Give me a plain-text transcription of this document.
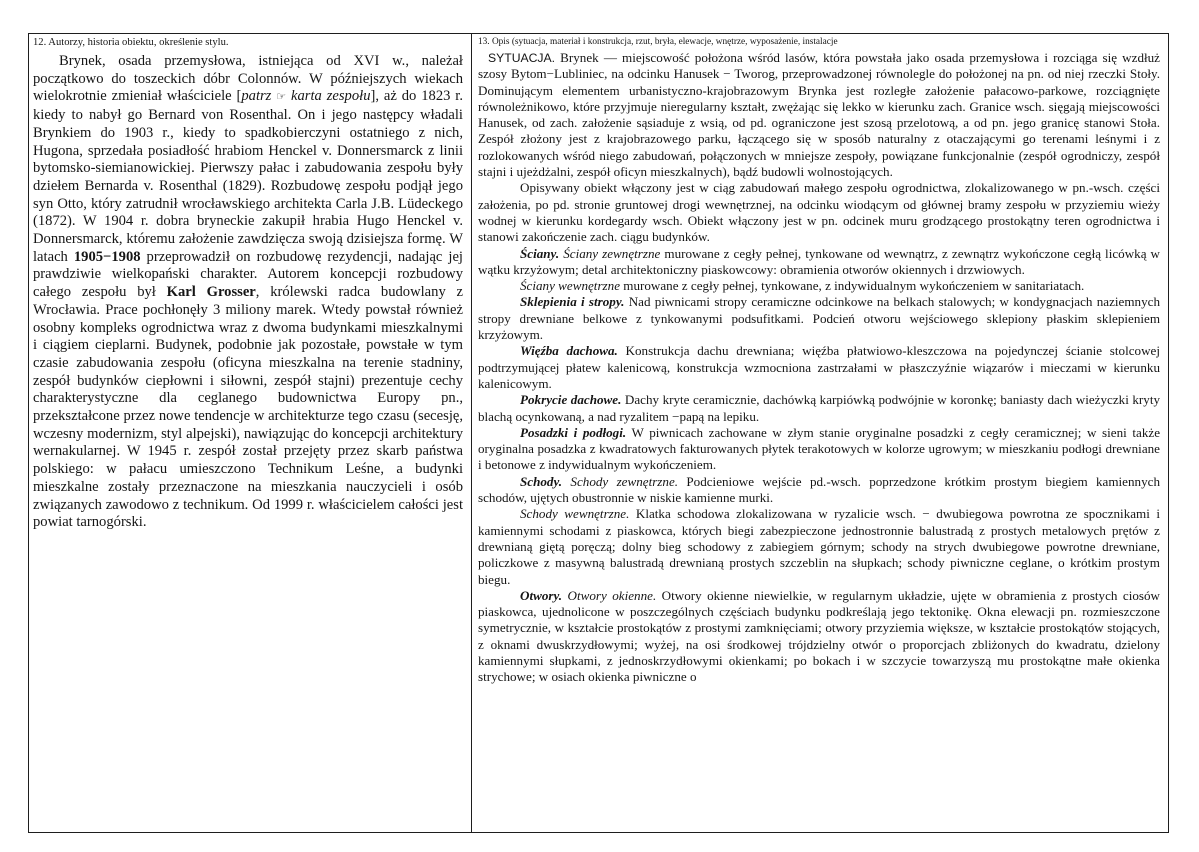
12. Autorzy, historia obiektu, określenie stylu.

Brynek, osada przemysłowa, istniejąca od XVI w., należał początkowo do toszeckich dóbr Colonnów. W późniejszych wiekach wielokrotnie zmieniał właściciele [patrz ☞ karta zespołu], aż do 1823 r. kiedy to nabył go Bernard von Rosenthal. On i jego następcy władali Brynkiem do 1903 r., kiedy to spadkobierczyni ostatniego z nich, Hugona, sprzedała posiadłość hrabiom Henckel v. Donnersmarck z linii bytomsko-siemianowickiej. Pierwszy pałac i zabudowania zespołu były dziełem Bernarda v. Rosenthal (1829). Rozbudowę zespołu podjął jego syn Otto, który zatrudnił wrocławskiego architekta Carla J.B. Lüdeckego (1872). W 1904 r. dobra bryneckie zakupił hrabia Hugo Henckel v. Donnersmarck, któremu założenie zawdzięcza swoją dzisiejsza formę. W latach 1905−1908 przeprowadził on rozbudowę rezydencji, nadając jej prawdziwie wielkopański charakter. Autorem koncepcji rozbudowy całego zespołu był Karl Grosser, królewski radca budowlany z Wrocławia. Prace pochłonęły 3 miliony marek. Wtedy powstał również osobny kompleks ogrodnictwa wraz z dwoma budynkami mieszkalnymi i ciągiem cieplarni. Budynek, podobnie jak pozostałe, powstałe w tym czasie zabudowania zespołu (oficyna mieszkalna na terenie stadniny, zespół budynków ciepłowni i siłowni, zespół stajni) prezentuje cechy charakterystyczne dla ceglanego budownictwa Europy pn., przekształcone przez nowe tendencje w architekturze tego czasu (secesję, wczesny modernizm, styl alpejski), nawiązując do koncepcji architektury wernakularnej. W 1945 r. zespół został przejęty przez skarb państwa polskiego: w pałacu umieszczono Technikum Leśne, a budynki mieszkalne zostały przeznaczone na mieszkania nauczycieli i osób związanych zawodowo z technikum. Od 1999 r. właścicielem całości jest powiat tarnogórski.

13. Opis (sytuacja, materiał i konstrukcja, rzut, bryła, elewacje, wnętrze, wyposażenie, instalacje

SYTUACJA. Brynek — miejscowość położona wśród lasów, która powstała jako osada przemysłowa i rozciąga się wzdłuż szosy Bytom−Lubliniec, na odcinku Hanusek − Tworog, przeprowadzonej równolegle do położonej na pn. od niej rzeczki Stoły. Dominującym elementem urbanistyczno-krajobrazowym Brynka jest rozległe założenie pałacowo-parkowe, rozciągnięte równoleżnikowo, które przyjmuje nieregularny kształt, zwężając się lekko w kierunku zach. Granice wsch. sięgają miejscowości Hanusek, od zach. założenie sąsiaduje z wsią, od pd. ograniczone jest szosą przelotową, a od pn. jego granicę stanowi Stoła. Zespół złożony jest z krajobrazowego parku, łączącego się w sposób naturalny z otaczającymi go terenami leśnymi i z rozlokowanych wśród niego zabudowań, połączonych w mniejsze zespoły, powiązane funkcjonalnie (zespół ogrodniczy, zespół stajni i ujeżdżalni, zespół oficyn mieszkalnych), bądź budowli wolnostojących.

Opisywany obiekt włączony jest w ciąg zabudowań małego zespołu ogrodnictwa, zlokalizowanego w pn.-wsch. części założenia, po pd. stronie gruntowej drogi wewnętrznej, na odcinku wiodącym od głównej bramy zespołu w przyziemiu wieży wodnej w kierunku kordegardy wsch. Obiekt włączony jest w pn. odcinek muru grodzącego prostokątny teren ogrodnictwa i stanowi zakończenie zach. ciągu budynków.

Ściany. Ściany zewnętrzne murowane z cegły pełnej, tynkowane od wewnątrz, z zewnątrz wykończone cegłą licówką w wątku krzyżowym; detal architektoniczny piaskowcowy: obramienia otworów okiennych i drzwiowych.

Ściany wewnętrzne murowane z cegły pełnej, tynkowane, z indywidualnym wykończeniem w sanitariatach.

Sklepienia i stropy. Nad piwnicami stropy ceramiczne odcinkowe na belkach stalowych; w kondygnacjach naziemnych stropy drewniane belkowe z tynkowanymi podsufitkami. Podcień otworu wejściowego sklepiony płaskim sklepieniem krzyżowym.

Więźba dachowa. Konstrukcja dachu drewniana; więźba płatwiowo-kleszczowa na pojedynczej ścianie stolcowej podtrzymującej płatew kalenicową, konstrukcja wzmocniona zastrzałami w płaszczyźnie wiązarów i mieczami w kierunku kalenicowym.

Pokrycie dachowe. Dachy kryte ceramicznie, dachówką karpiówką podwójnie w koronkę; baniasty dach wieżyczki kryty blachą ocynkowaną, a nad ryzalitem −papą na lepiku.

Posadzki i podłogi. W piwnicach zachowane w złym stanie oryginalne posadzki z cegły ceramicznej; w sieni także oryginalna posadzka z kwadratowych fakturowanych płytek terakotowych w kolorze ugrowym; w mieszkaniu podłogi drewniane i betonowe z indywidualnym wykończeniem.

Schody. Schody zewnętrzne. Podcieniowe wejście pd.-wsch. poprzedzone krótkim prostym biegiem kamiennych schodów, ujętych obustronnie w niskie kamienne murki.

Schody wewnętrzne. Klatka schodowa zlokalizowana w ryzalicie wsch. − dwubiegowa powrotna ze spocznikami i kamiennymi schodami z piaskowca, których biegi zabezpieczone jednostronnie balustradą z prostych metalowych prętów z drewnianą giętą poręczą; dolny bieg schodowy z zabiegiem górnym; schody na strych dwubiegowe powrotne drewniane, policzkowe z masywną balustradą drewnianą prostych szczeblin na słupkach; schody piwniczne ceglane, o krótkim prostym biegu.

Otwory. Otwory okienne. Otwory okienne niewielkie, w regularnym układzie, ujęte w obramienia z prostych ciosów piaskowca, ujednolicone w poszczególnych częściach budynku podkreślają jego tektonikę. Okna elewacji pn. rozmieszczone symetrycznie, w kształcie prostokątów z prostymi zamknięciami; otwory przyziemia większe, w kształcie prostokątów stojących, z oknami dwuskrzydłowymi; wyżej, na osi środkowej trójdzielny otwór o proporcjach zbliżonych do kwadratu, dzielony kamiennymi słupkami, z jednoskrzydłowymi okienkami; po bokach i w szczycie towarzyszą mu prostokątne małe okienka strychowe; w osiach okienka piwniczne o
